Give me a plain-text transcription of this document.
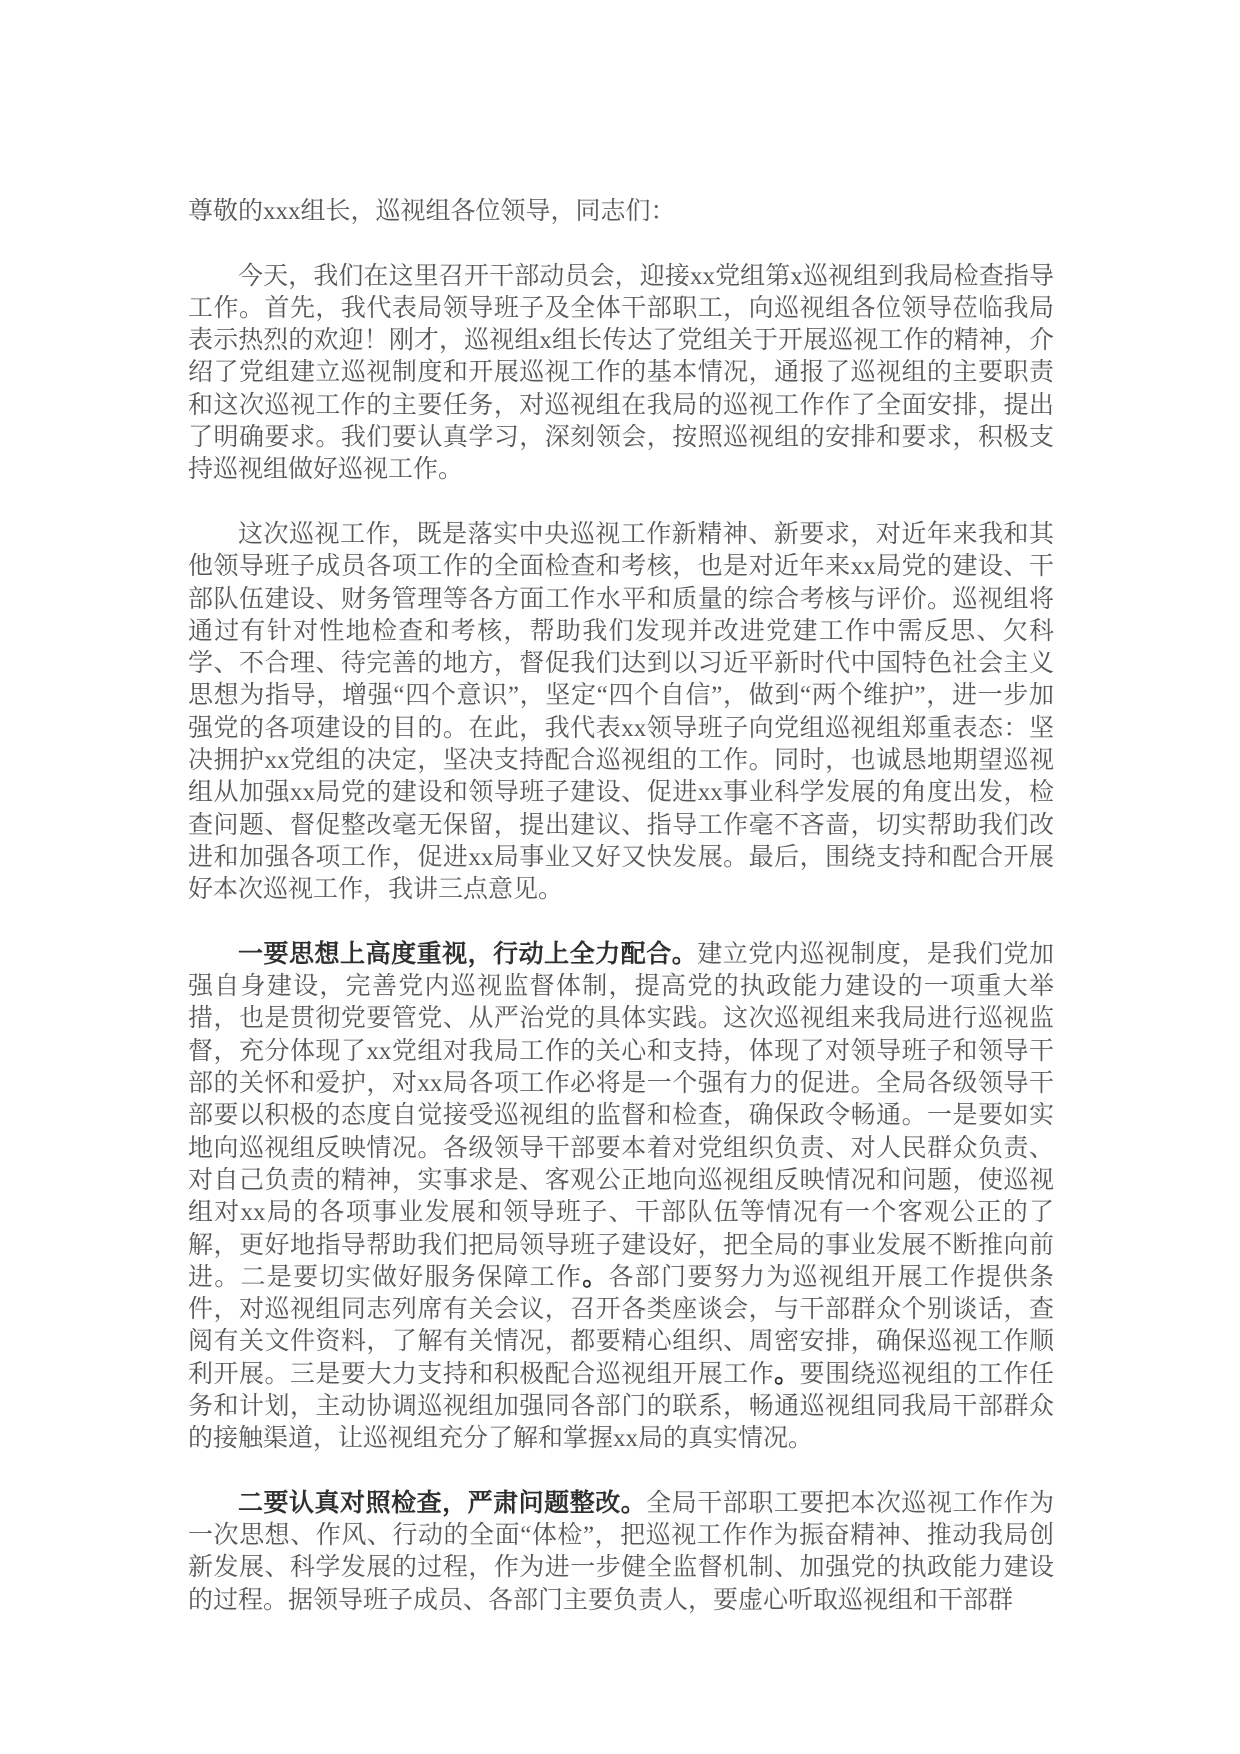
尊敬的xxx组长，巡视组各位领导，同志们：

今天，我们在这里召开干部动员会，迎接xx党组第x巡视组到我局检查指导工作。首先，我代表局领导班子及全体干部职工，向巡视组各位领导莅临我局表示热烈的欢迎！刚才，巡视组x组长传达了党组关于开展巡视工作的精神，介绍了党组建立巡视制度和开展巡视工作的基本情况，通报了巡视组的主要职责和这次巡视工作的主要任务，对巡视组在我局的巡视工作作了全面安排，提出了明确要求。我们要认真学习，深刻领会，按照巡视组的安排和要求，积极支持巡视组做好巡视工作。

这次巡视工作，既是落实中央巡视工作新精神、新要求，对近年来我和其他领导班子成员各项工作的全面检查和考核，也是对近年来xx局党的建设、干部队伍建设、财务管理等各方面工作水平和质量的综合考核与评价。巡视组将通过有针对性地检查和考核，帮助我们发现并改进党建工作中需反思、欠科学、不合理、待完善的地方，督促我们达到以习近平新时代中国特色社会主义思想为指导，增强“四个意识”，坚定“四个自信”，做到“两个维护”，进一步加强党的各项建设的目的。在此，我代表xx领导班子向党组巡视组郑重表态：坚决拥护xx党组的决定，坚决支持配合巡视组的工作。同时，也诚恳地期望巡视组从加强xx局党的建设和领导班子建设、促进xx事业科学发展的角度出发，检查问题、督促整改毫无保留，提出建议、指导工作毫不吝啬，切实帮助我们改进和加强各项工作，促进xx局事业又好又快发展。最后，围绕支持和配合开展好本次巡视工作，我讲三点意见。

一要思想上高度重视，行动上全力配合。建立党内巡视制度，是我们党加强自身建设，完善党内巡视监督体制，提高党的执政能力建设的一项重大举措，也是贯彻党要管党、从严治党的具体实践。这次巡视组来我局进行巡视监督，充分体现了xx党组对我局工作的关心和支持，体现了对领导班子和领导干部的关怀和爱护，对xx局各项工作必将是一个强有力的促进。全局各级领导干部要以积极的态度自觉接受巡视组的监督和检查，确保政令畅通。一是要如实地向巡视组反映情况。各级领导干部要本着对党组织负责、对人民群众负责、对自己负责的精神，实事求是、客观公正地向巡视组反映情况和问题，使巡视组对xx局的各项事业发展和领导班子、干部队伍等情况有一个客观公正的了解，更好地指导帮助我们把局领导班子建设好，把全局的事业发展不断推向前进。二是要切实做好服务保障工作。各部门要努力为巡视组开展工作提供条件，对巡视组同志列席有关会议，召开各类座谈会，与干部群众个别谈话，查阅有关文件资料，了解有关情况，都要精心组织、周密安排，确保巡视工作顺利开展。三是要大力支持和积极配合巡视组开展工作。要围绕巡视组的工作任务和计划，主动协调巡视组加强同各部门的联系，畅通巡视组同我局干部群众的接触渠道，让巡视组充分了解和掌握xx局的真实情况。

二要认真对照检查，严肃问题整改。全局干部职工要把本次巡视工作作为一次思想、作风、行动的全面“体检”，把巡视工作作为振奋精神、推动我局创新发展、科学发展的过程，作为进一步健全监督机制、加强党的执政能力建设的过程。据领导班子成员、各部门主要负责人，要虚心听取巡视组和干部群
